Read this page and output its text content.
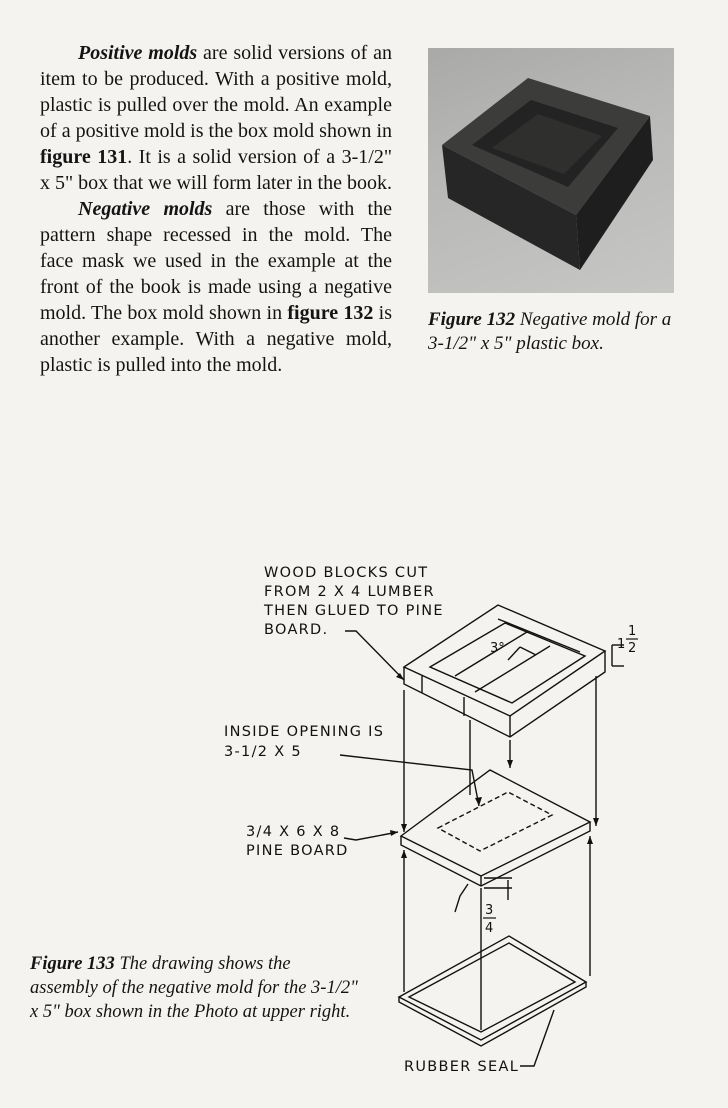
Positive molds are solid versions of an item to be produced. With a positive mold, plastic is pulled over the mold. An example of a positive mold is the box mold shown in figure 131. It is a solid version of a 3-1/2" x 5" box that we will form later in the book.

Negative molds are those with the pattern shape recessed in the mold. The face mask we used in the example at the front of the book is made using a negative mold. The box mold shown in figure 132 is another example. With a negative mold, plastic is pulled into the mold.

Figure 132 Negative mold for a 3-1/2" x 5" plastic box.
WOOD BLOCKS CUT
FROM 2 X 4 LUMBER
THEN GLUED TO PINE
BOARD.
INSIDE OPENING IS
3-1/2 X 5
3/4 X 6 X 8
PINE BOARD
RUBBER SEAL
3°	1
1
2
3
4
Figure 133 The drawing shows the assembly of the negative mold for the 3-1/2" x 5" box shown in the Photo at upper right.
